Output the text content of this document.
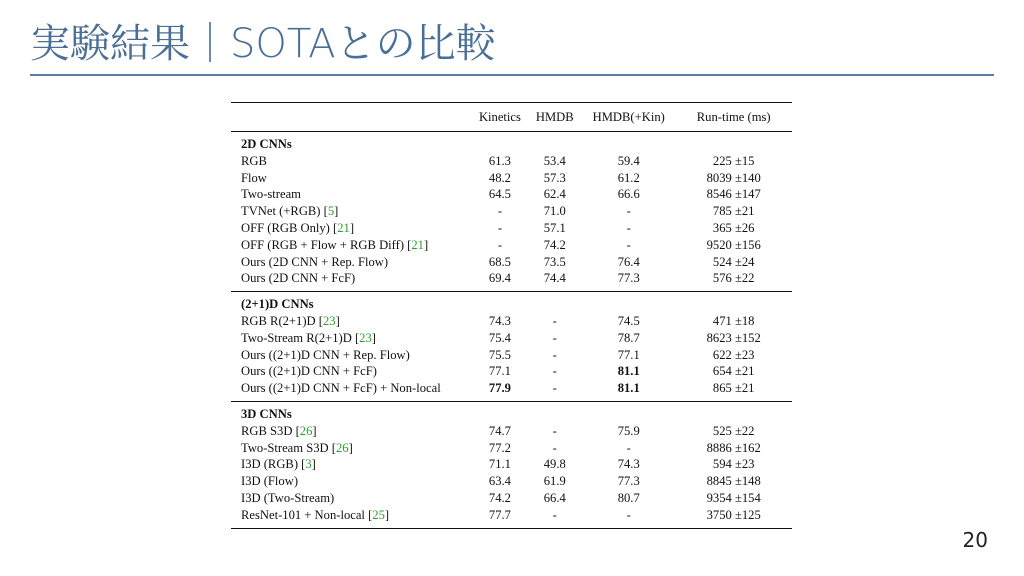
実験結果｜SOTAとの比較
	Kinetics	HMDB	HMDB(+Kin)	Run-time (ms)
2D CNNs				
RGB	61.3	53.4	59.4	225 ±15
Flow	48.2	57.3	61.2	8039 ±140
Two-stream	64.5	62.4	66.6	8546 ±147
TVNet (+RGB) [5]	-	71.0	-	785 ±21
OFF (RGB Only) [21]	-	57.1	-	365 ±26
OFF (RGB + Flow + RGB Diff) [21]	-	74.2	-	9520 ±156
Ours (2D CNN + Rep. Flow)	68.5	73.5	76.4	524 ±24
Ours (2D CNN + FcF)	69.4	74.4	77.3	576 ±22
(2+1)D CNNs				
RGB R(2+1)D [23]	74.3	-	74.5	471 ±18
Two-Stream R(2+1)D [23]	75.4	-	78.7	8623 ±152
Ours ((2+1)D CNN + Rep. Flow)	75.5	-	77.1	622 ±23
Ours ((2+1)D CNN + FcF)	77.1	-	81.1	654 ±21
Ours ((2+1)D CNN + FcF) + Non-local	77.9	-	81.1	865 ±21
3D CNNs				
RGB S3D [26]	74.7	-	75.9	525 ±22
Two-Stream S3D [26]	77.2	-	-	8886 ±162
I3D (RGB) [3]	71.1	49.8	74.3	594 ±23
I3D (Flow)	63.4	61.9	77.3	8845 ±148
I3D (Two-Stream)	74.2	66.4	80.7	9354 ±154
ResNet-101 + Non-local [25]	77.7	-	-	3750 ±125
20
